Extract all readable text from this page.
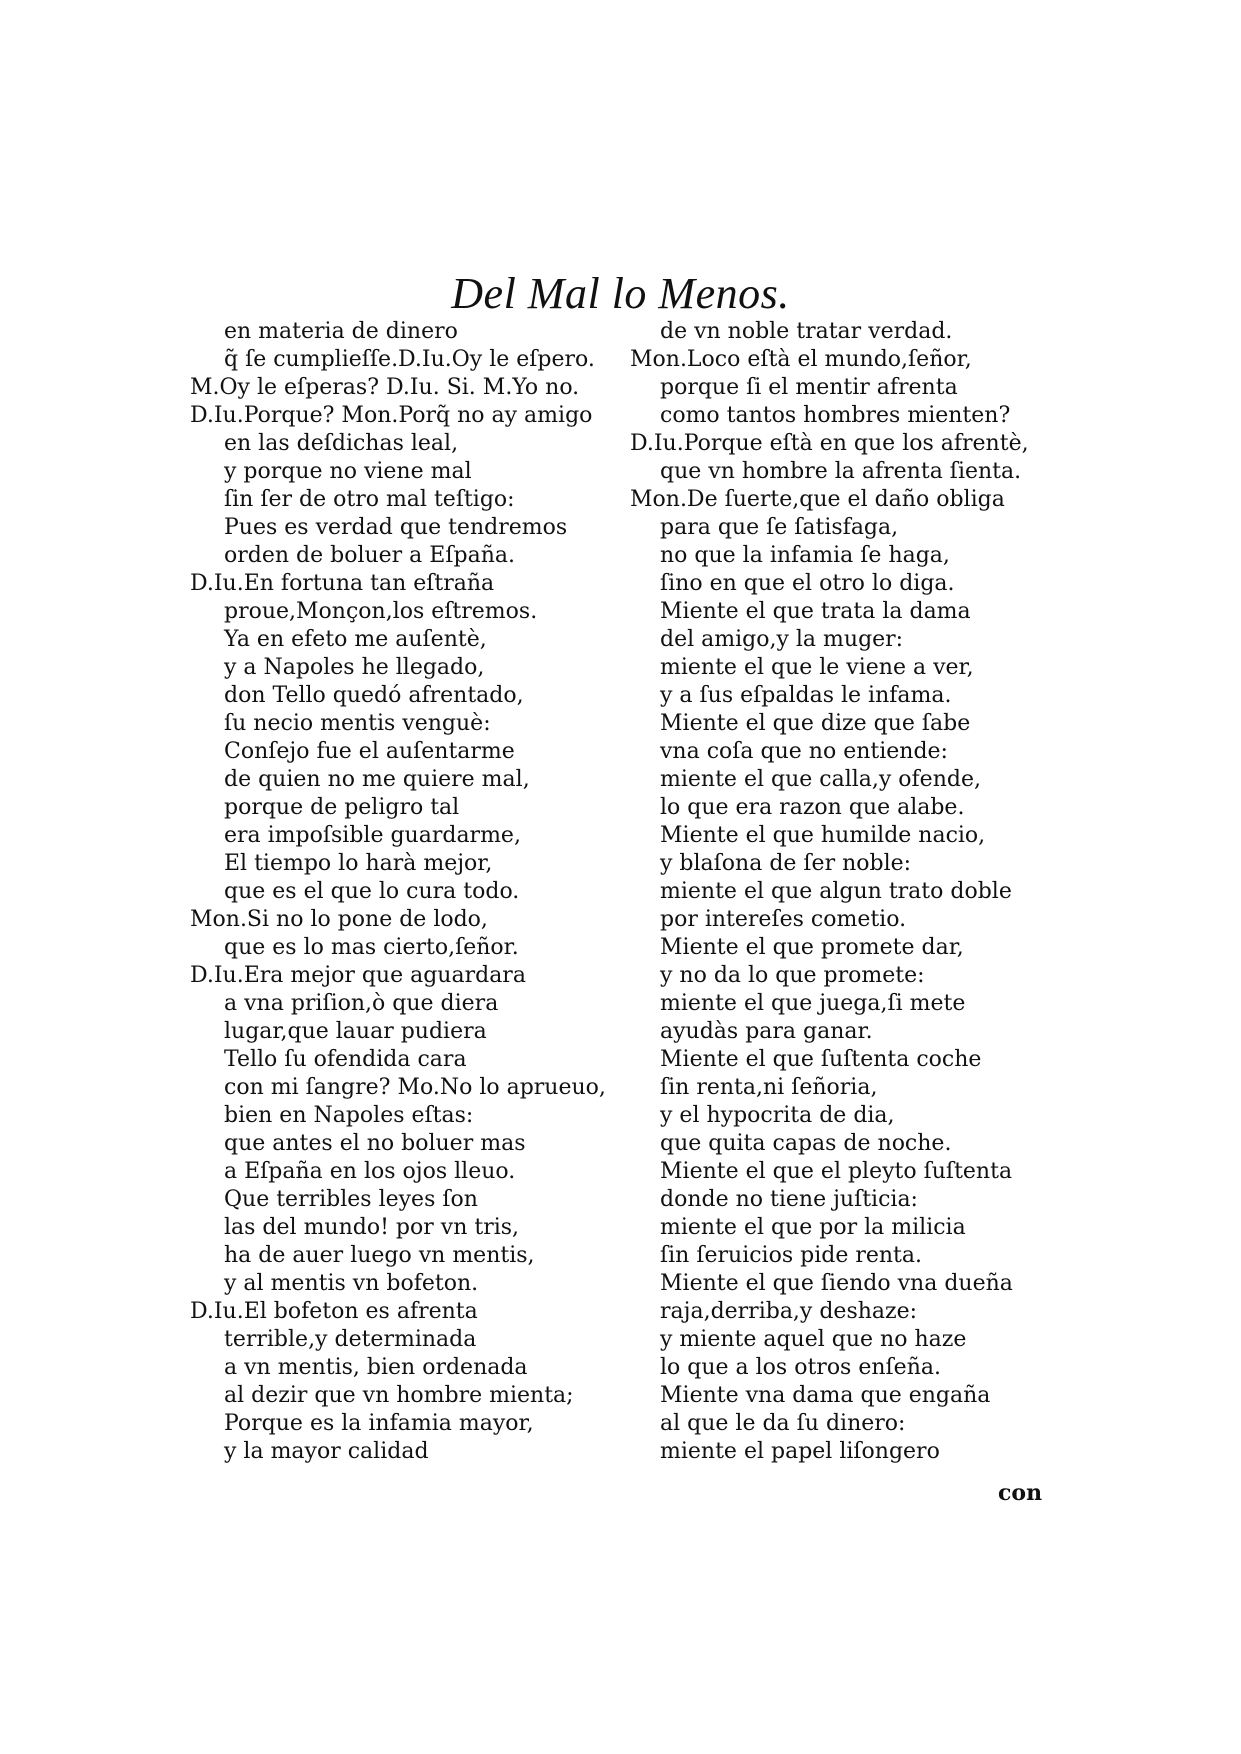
Del Mal lo Menos.
en materia de dinero
q̃ ſe cumplieſſe.D.Iu.Oy le eſpero.
M.Oy le eſperas? D.Iu. Si. M.Yo no.
D.Iu.Porque? Mon.Porq̃ no ay amigo
en las deſdichas leal,
y porque no viene mal
ſin ſer de otro mal teſtigo:
Pues es verdad que tendremos
orden de boluer a Eſpaña.
D.Iu.En fortuna tan eſtraña
proue,Monçon,los eſtremos.
Ya en efeto me auſentè,
y a Napoles he llegado,
don Tello quedó afrentado,
ſu necio mentis venguè:
Conſejo fue el auſentarme
de quien no me quiere mal,
porque de peligro tal
era impoſsible guardarme,
El tiempo lo harà mejor,
que es el que lo cura todo.
Mon.Si no lo pone de lodo,
que es lo mas cierto,ſeñor.
D.Iu.Era mejor que aguardara
a vna priſion,ò que diera
lugar,que lauar pudiera
Tello ſu ofendida cara
con mi ſangre? Mo.No lo aprueuo,
bien en Napoles eſtas:
que antes el no boluer mas
a Eſpaña en los ojos lleuo.
Que terribles leyes ſon
las del mundo! por vn tris,
ha de auer luego vn mentis,
y al mentis vn bofeton.
D.Iu.El bofeton es afrenta
terrible,y determinada
a vn mentis, bien ordenada
al dezir que vn hombre mienta;
Porque es la infamia mayor,
y la mayor calidad
de vn noble tratar verdad.
Mon.Loco eſtà el mundo,ſeñor,
porque ſi el mentir afrenta
como tantos hombres mienten?
D.Iu.Porque eſtà en que los afrentè,
que vn hombre la afrenta ſienta.
Mon.De ſuerte,que el daño obliga
para que ſe ſatisfaga,
no que la infamia ſe haga,
ſino en que el otro lo diga.
Miente el que trata la dama
del amigo,y la muger:
miente el que le viene a ver,
y a ſus eſpaldas le infama.
Miente el que dize que ſabe
vna coſa que no entiende:
miente el que calla,y ofende,
lo que era razon que alabe.
Miente el que humilde nacio,
y blaſona de ſer noble:
miente el que algun trato doble
por intereſes cometio.
Miente el que promete dar,
y no da lo que promete:
miente el que juega,ſi mete
ayudàs para ganar.
Miente el que ſuſtenta coche
ſin renta,ni ſeñoria,
y el hypocrita de dia,
que quita capas de noche.
Miente el que el pleyto ſuſtenta
donde no tiene juſticia:
miente el que por la milicia
ſin ſeruicios pide renta.
Miente el que ſiendo vna dueña
raja,derriba,y deshaze:
y miente aquel que no haze
lo que a los otros enſeña.
Miente vna dama que engaña
al que le da ſu dinero:
miente el papel liſongero
con
